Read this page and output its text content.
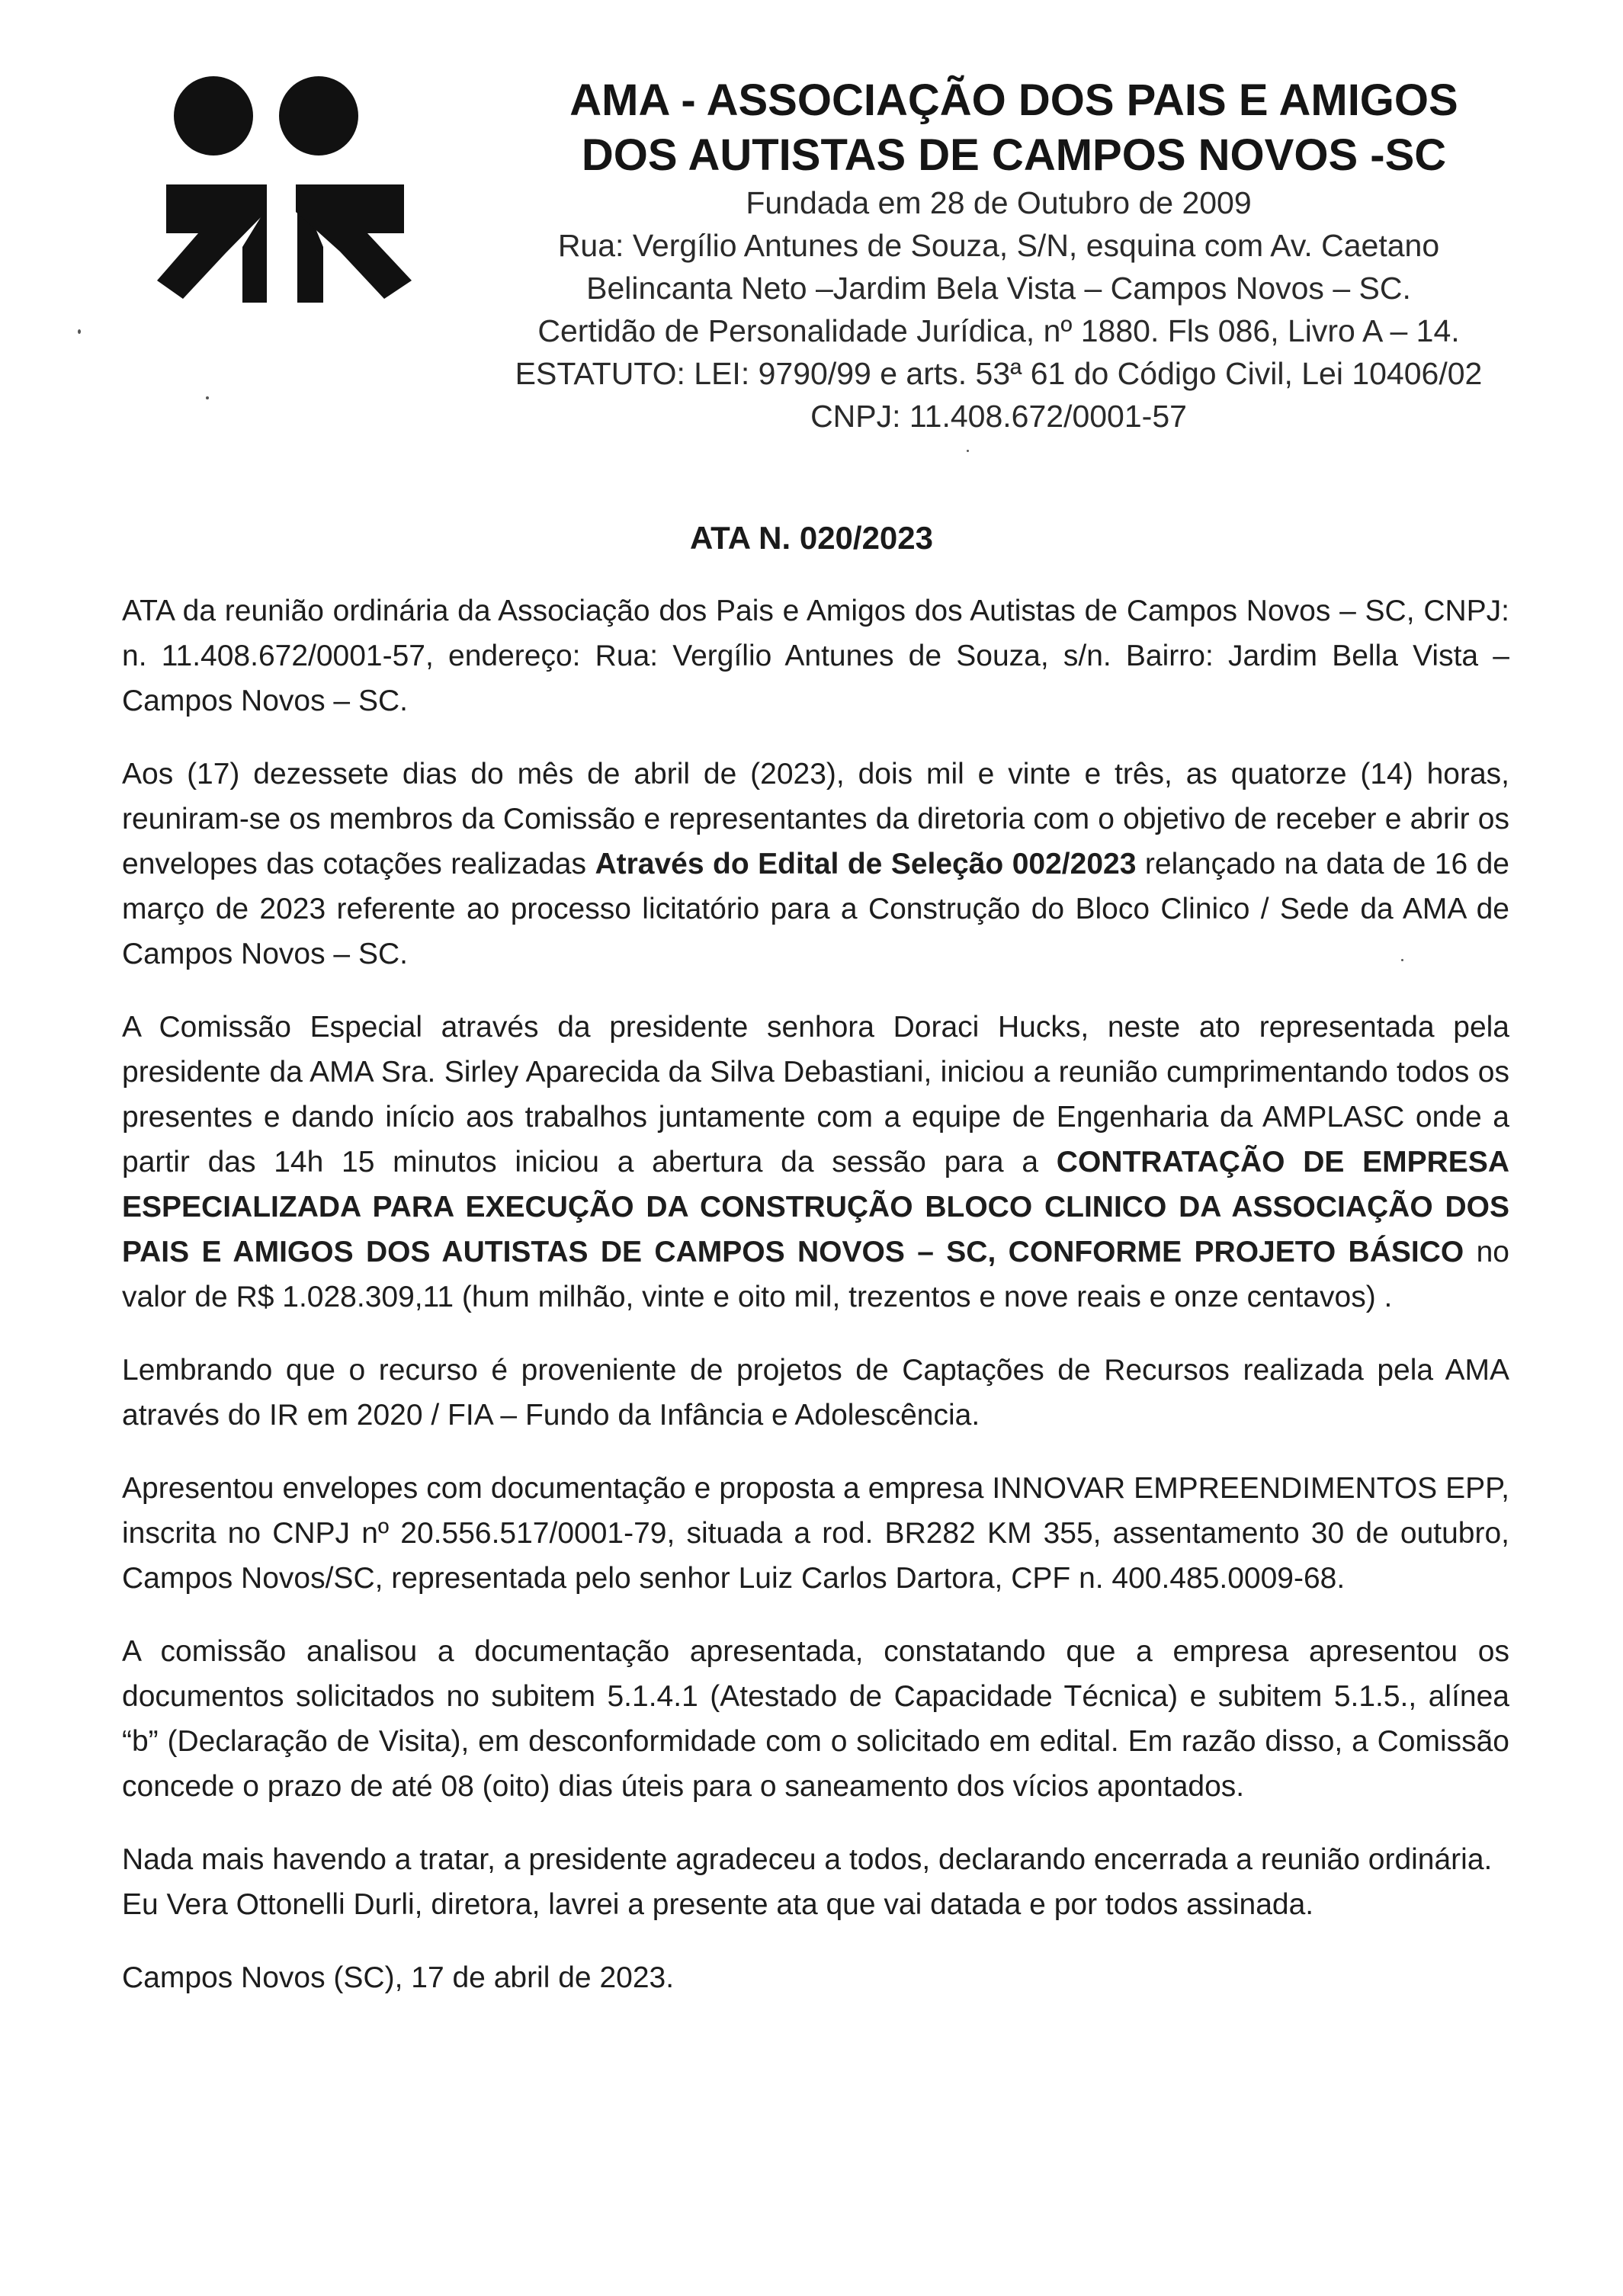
AMA - ASSOCIAÇÃO DOS PAIS E AMIGOS
DOS AUTISTAS DE CAMPOS NOVOS -SC
Fundada em 28 de Outubro de 2009
Rua: Vergílio Antunes de Souza, S/N, esquina com Av. Caetano
Belincanta Neto –Jardim Bela Vista – Campos Novos – SC.
Certidão de Personalidade Jurídica, nº 1880. Fls 086, Livro A – 14.
ESTATUTO: LEI: 9790/99 e arts. 53ª 61 do Código Civil, Lei 10406/02
CNPJ: 11.408.672/0001-57
ATA N. 020/2023

ATA da reunião ordinária da Associação dos Pais e Amigos dos Autistas de Campos Novos – SC, CNPJ: n. 11.408.672/0001-57, endereço: Rua: Vergílio Antunes de Souza, s/n. Bairro: Jardim Bella Vista – Campos Novos – SC.

Aos (17) dezessete dias do mês de abril de (2023), dois mil e vinte e três, as quatorze (14) horas, reuniram-se os membros da Comissão e representantes da diretoria com o objetivo de receber e abrir os envelopes das cotações realizadas Através do Edital de Seleção 002/2023 relançado na data de 16 de março de 2023 referente ao processo licitatório para a Construção do Bloco Clinico / Sede da AMA de Campos Novos – SC.

A Comissão Especial através da presidente senhora Doraci Hucks, neste ato representada pela presidente da AMA Sra. Sirley Aparecida da Silva Debastiani, iniciou a reunião cumprimentando todos os presentes e dando início aos trabalhos juntamente com a equipe de Engenharia da AMPLASC onde a partir das 14h 15 minutos iniciou a abertura da sessão para a CONTRATAÇÃO DE EMPRESA ESPECIALIZADA PARA EXECUÇÃO DA CONSTRUÇÃO BLOCO CLINICO DA ASSOCIAÇÃO DOS PAIS E AMIGOS DOS AUTISTAS DE CAMPOS NOVOS – SC, CONFORME PROJETO BÁSICO no valor de R$ 1.028.309,11 (hum milhão, vinte e oito mil, trezentos e nove reais e onze centavos) .

Lembrando que o recurso é proveniente de projetos de Captações de Recursos realizada pela AMA através do IR em 2020 / FIA – Fundo da Infância e Adolescência.

Apresentou envelopes com documentação e proposta a empresa INNOVAR EMPREENDIMENTOS EPP, inscrita no CNPJ nº 20.556.517/0001-79, situada a rod. BR282 KM 355, assentamento 30 de outubro, Campos Novos/SC, representada pelo senhor Luiz Carlos Dartora, CPF n. 400.485.0009-68.

A comissão analisou a documentação apresentada, constatando que a empresa apresentou os documentos solicitados no subitem 5.1.4.1 (Atestado de Capacidade Técnica) e subitem 5.1.5., alínea “b” (Declaração de Visita), em desconformidade com o solicitado em edital. Em razão disso, a Comissão concede o prazo de até 08 (oito) dias úteis para o saneamento dos vícios apontados.

Nada mais havendo a tratar, a presidente agradeceu a todos, declarando encerrada a reunião ordinária. Eu Vera Ottonelli Durli, diretora, lavrei a presente ata que vai datada e por todos assinada.

Campos Novos (SC), 17 de abril de 2023.
